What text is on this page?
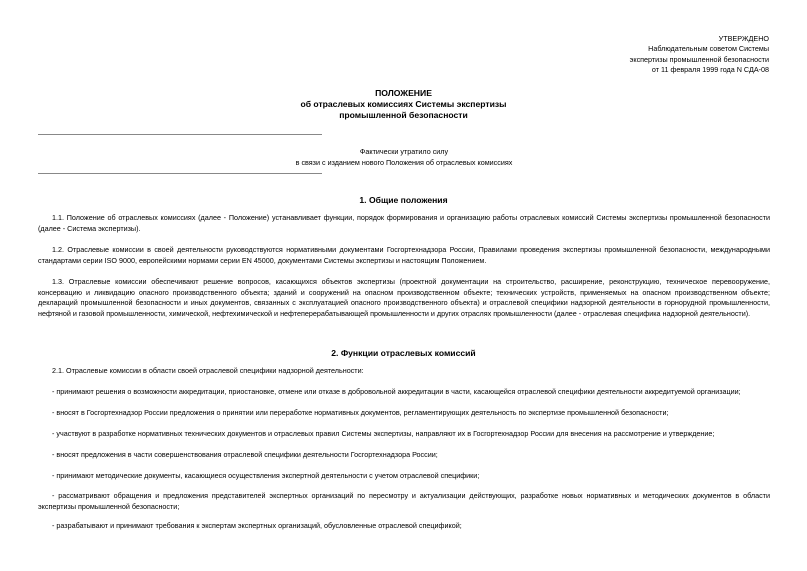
УТВЕРЖДЕНО
Наблюдательным советом Системы
экспертизы промышленной безопасности
от 11 февраля 1999 года N СДА-08
ПОЛОЖЕНИЕ
об отраслевых комиссиях Системы экспертизы
промышленной безопасности
Фактически утратило силу
в связи с изданием нового Положения об отраслевых комиссиях
1. Общие положения
1.1. Положение об отраслевых комиссиях (далее - Положение) устанавливает функции, порядок формирования и организацию работы отраслевых комиссий Системы экспертизы промышленной безопасности (далее - Система экспертизы).
1.2. Отраслевые комиссии в своей деятельности руководствуются нормативными документами Госгортехнадзора России, Правилами проведения экспертизы промышленной безопасности, международными стандартами серии ISO 9000, европейскими нормами серии EN 45000, документами Системы экспертизы и настоящим Положением.
1.3. Отраслевые комиссии обеспечивают решение вопросов, касающихся объектов экспертизы (проектной документации на строительство, расширение, реконструкцию, техническое перевооружение, консервацию и ликвидацию опасного производственного объекта; зданий и сооружений на опасном производственном объекте; технических устройств, применяемых на опасном производственном объекте; деклараций промышленной безопасности и иных документов, связанных с эксплуатацией опасного производственного объекта) и отраслевой специфики надзорной деятельности в горнорудной промышленности, нефтяной и газовой промышленности, химической, нефтехимической и нефтеперерабатывающей промышленности и других отраслях промышленности (далее - отраслевая специфика надзорной деятельности).
2. Функции отраслевых комиссий
2.1. Отраслевые комиссии в области своей отраслевой специфики надзорной деятельности:
- принимают решения о возможности аккредитации, приостановке, отмене или отказе в добровольной аккредитации в части, касающейся отраслевой специфики деятельности аккредитуемой организации;
- вносят в Госгортехнадзор России предложения о принятии или переработке нормативных документов, регламентирующих деятельность по экспертизе промышленной безопасности;
- участвуют в разработке нормативных технических документов и отраслевых правил Системы экспертизы, направляют их в Госгортехнадзор России для внесения на рассмотрение и утверждение;
- вносят предложения в части совершенствования отраслевой специфики деятельности Госгортехнадзора России;
- принимают методические документы, касающиеся осуществления экспертной деятельности с учетом отраслевой специфики;
- рассматривают обращения и предложения представителей экспертных организаций по пересмотру и актуализации действующих, разработке новых нормативных и методических документов в области экспертизы промышленной безопасности;
- разрабатывают и принимают требования к экспертам экспертных организаций, обусловленные отраслевой спецификой;
